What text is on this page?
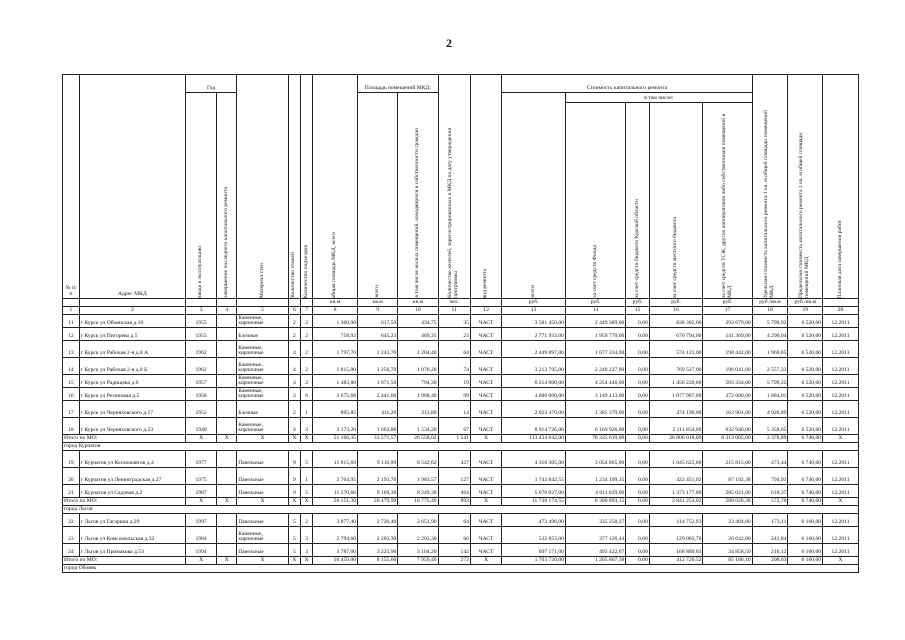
2
№ п/п	Адрес МКД	Год		Материал стен	Количество этажей	Количество подъездов	общая площадь МКД, всего	Площадь помещений МКД:		Количество жителей, зарегистрированных в МКД на дату утверждения программы	вид ремонта	Стоимость капитального ремонта					Удельная стоимость капитального ремонта 1 кв. м общей площади помещений МКД	Предельная стоимость капитального ремонта 1 кв. м общей площади помещений МКД	Плановая дата завершения работ

		ввода в эксплуатацию	завершение последнего капитального ремонта					всего	в том числе жилых помещений, находящихся в собственности граждан			всего	в том числе:						

													за счет средств Фонда	за счет средств бюджета Курской области	за счет средств местного бюджета	за счет средств ТСЖ, других кооперативов либо собственников помещений в МКД			

							кв.м	кв.м	кв.м	чел.		руб.	руб.	руб.	руб.	руб.	руб./кв.м	руб./кв.м	
1	2	3	4	5	6	7	8	9	10	11	12	13	14	15	16	17	18	19	20
11	г Курск ул Обоянская д.10	1955		Каменные, кирпичные	2	2	1 360,98	617,50	434,75	35	ЧАСТ	3 581 450,00	2 449 389,00	0,00	838 382,00	293 679,00	5 799,92	6 520,00	12.2011
12	г Курск ул Пигорева д.5	1953		Блочные	2	2	758,92	645,23	469,35	23	ЧАСТ	2 771 933,00	1 959 770,00	0,00	670 794,00	141 369,00	4 296,04	6 520,00	12.2011
13	г Курск ул Рабочая 2-я д.8 А	1962		Каменные, кирпичные	4	2	1 797,70	1 243,70	1 204,40	64	ЧАСТ	2 449 897,00	1 677 334,00	0,00	574 121,00	198 442,00	1 969,85	6 520,00	12.2011
14	г Курск ул Рабочая 2-я д.8 Б	1962		Каменные, кирпичные	4	2	1 815,00	1 256,70	1 076,20	74	ЧАСТ	3 213 795,00	2 248 227,00	0,00	769 527,00	196 041,00	2 557,33	6 520,00	12.2011
15	г Курск ул Радищева д.6	1957		Каменные, кирпичные	4	2	1 483,80	1 071,50	794,30	19	ЧАСТ	6 214 000,00	4 254 446,00	0,00	1 456 220,00	503 334,00	5 799,25	6 520,00	12.2011
16	г Курск ул Резиновая д.5	1958		Каменные, кирпичные	3	6	3 675,68	2 441,60	1 908,40	99	ЧАСТ	4 600 000,00	3 149 413,00	0,00	1 077 987,00	372 600,00	1 884,01	6 520,00	12.2011
17	г Курск ул Черняховского д.17	1952		Блочные	2	1	865,85	411,20	313,80	14	ЧАСТ	2 023 470,00	1 385 379,00	0,00	474 190,00	163 901,00	4 920,89	6 520,00	12.2011
18	г Курск ул Черняховского д.23	1940		Каменные, кирпичные	4	3	3 173,20	1 663,80	1 534,20	67	ЧАСТ	8 914 726,00	6 169 926,00	0,00	2 111 854,00	632 946,00	5 358,05	6 520,00	12.2011
Итого по МО:		X	X	X	X	X	51 166,35	33 571,57	26 558,02	1 541	X	113 434 642,00	78 335 619,00	0,00	26 806 018,00	8 313 005,00	3 378,89	6 740,00	X
город Курчатов																			
19	г Курчатов ул Космонавтов д.4	1977		Панельные	9	5	11 815,69	9 116,99	8 542,62	427	ЧАСТ	4 316 305,00	3 054 865,00	0,00	1 045 625,00	215 815,00	473,44	6 740,00	12.2011
20	г Курчатов ул Ленинградская д.27	1975		Панельные	9	1	2 764,95	2 193,70	1 983,57	127	ЧАСТ	1 743 842,55	1 234 199,15	0,00	422 451,02	87 192,38	794,93	6 740,00	12.2011
21	г Курчатов ул Садовая д.2	1987		Панельные	9	5	11 570,66	9 169,30	8 249,30	464	ЧАСТ	5 670 027,00	4 011 829,00	0,00	1 373 177,00	285 021,00	618,37	6 740,00	12.2011
Итого по МО:		X	X	X	X	X	26 151,30	20 479,99	18 775,49	993	X	11 730 174,55	8 300 893,15	0,00	2 841 253,02	588 028,38	572,76	6 740,00	X
город Льгов																			
22	г Льгов ул Гагарина д.29	1997		Панельные	5	2	3 877,40	2 726,40	2 651,90	64	ЧАСТ	473 496,00	335 258,27	0,00	114 752,93	23 484,80	173,11	6 160,00	12.2011
23	г Льгов ул Комсомольская д.32	1984		Каменные, кирпичные	5	3	2 794,60	2 203,30	2 203,30	66	ЧАСТ	532 853,00	377 126,44	0,00	129 083,76	26 642,80	241,84	6 160,00	12.2011
24	г Льгов ул Примакова д.53	1994		Панельные	5	3	3 787,00	3 225,90	3 104,20	142	ЧАСТ	697 171,00	493 422,67	0,00	168 889,83	34 858,50	216,12	6 160,00	12.2011
Итого по МО:		X	X	X	X	X	10 459,00	8 155,60	7 959,40	272	X	1 703 720,00	1 205 807,38	0,00	412 726,52	85 186,10	208,63	6 160,00	X
город Обоянь																			
